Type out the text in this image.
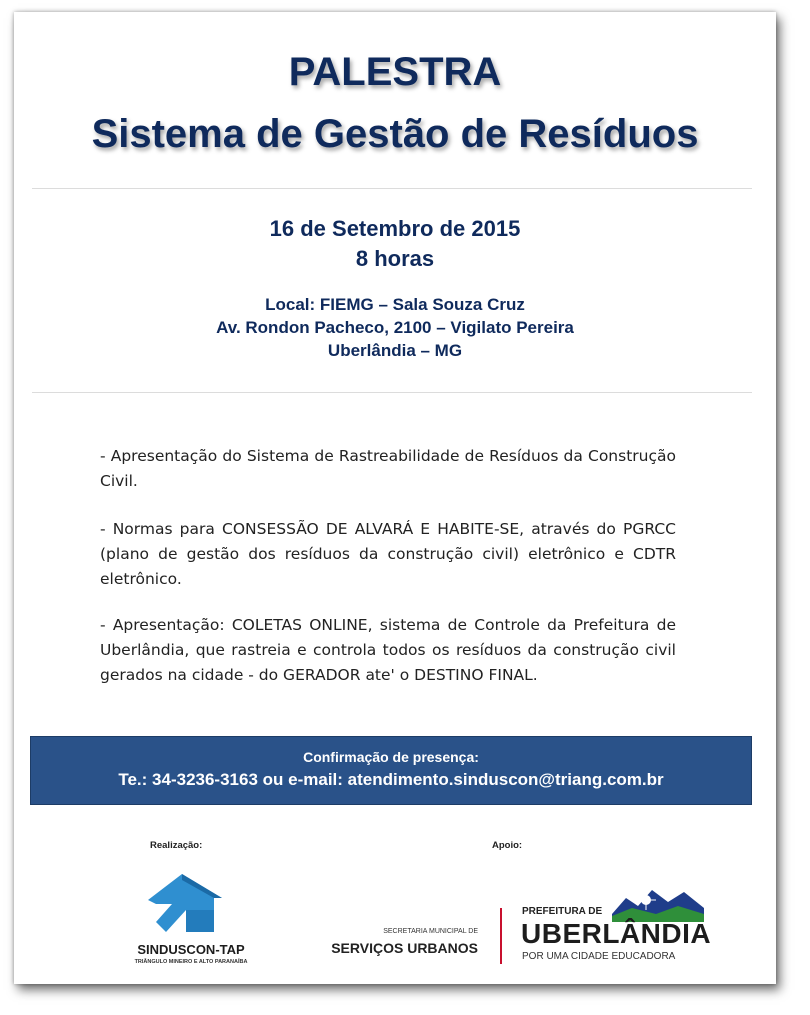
PALESTRA
Sistema de Gestão de Resíduos
16 de Setembro de 2015
8 horas
Local: FIEMG – Sala Souza Cruz
Av. Rondon Pacheco, 2100 – Vigilato Pereira
Uberlândia – MG

- Apresentação do Sistema de Rastreabilidade de Resíduos da Construção Civil.

- Normas para CONSESSÃO DE ALVARÁ E HABITE-SE, através do PGRCC (plano de gestão dos resíduos da construção civil) eletrônico e CDTR eletrônico.

- Apresentação: COLETAS ONLINE, sistema de Controle da Prefeitura de Uberlândia, que rastreia e controla todos os resíduos da construção civil gerados na cidade - do GERADOR ate' o DESTINO FINAL.

Confirmação de presença:
Te.: 34-3236-3163 ou e-mail: atendimento.sinduscon@triang.com.br
Realização:	Apoio:
SINDUSCON-TAP
TRIÂNGULO MINEIRO E ALTO PARANAÍBA
SECRETARIA MUNICIPAL DE
SERVIÇOS URBANOS
PREFEITURA DE
UBERLÂNDIA
POR UMA CIDADE EDUCADORA
